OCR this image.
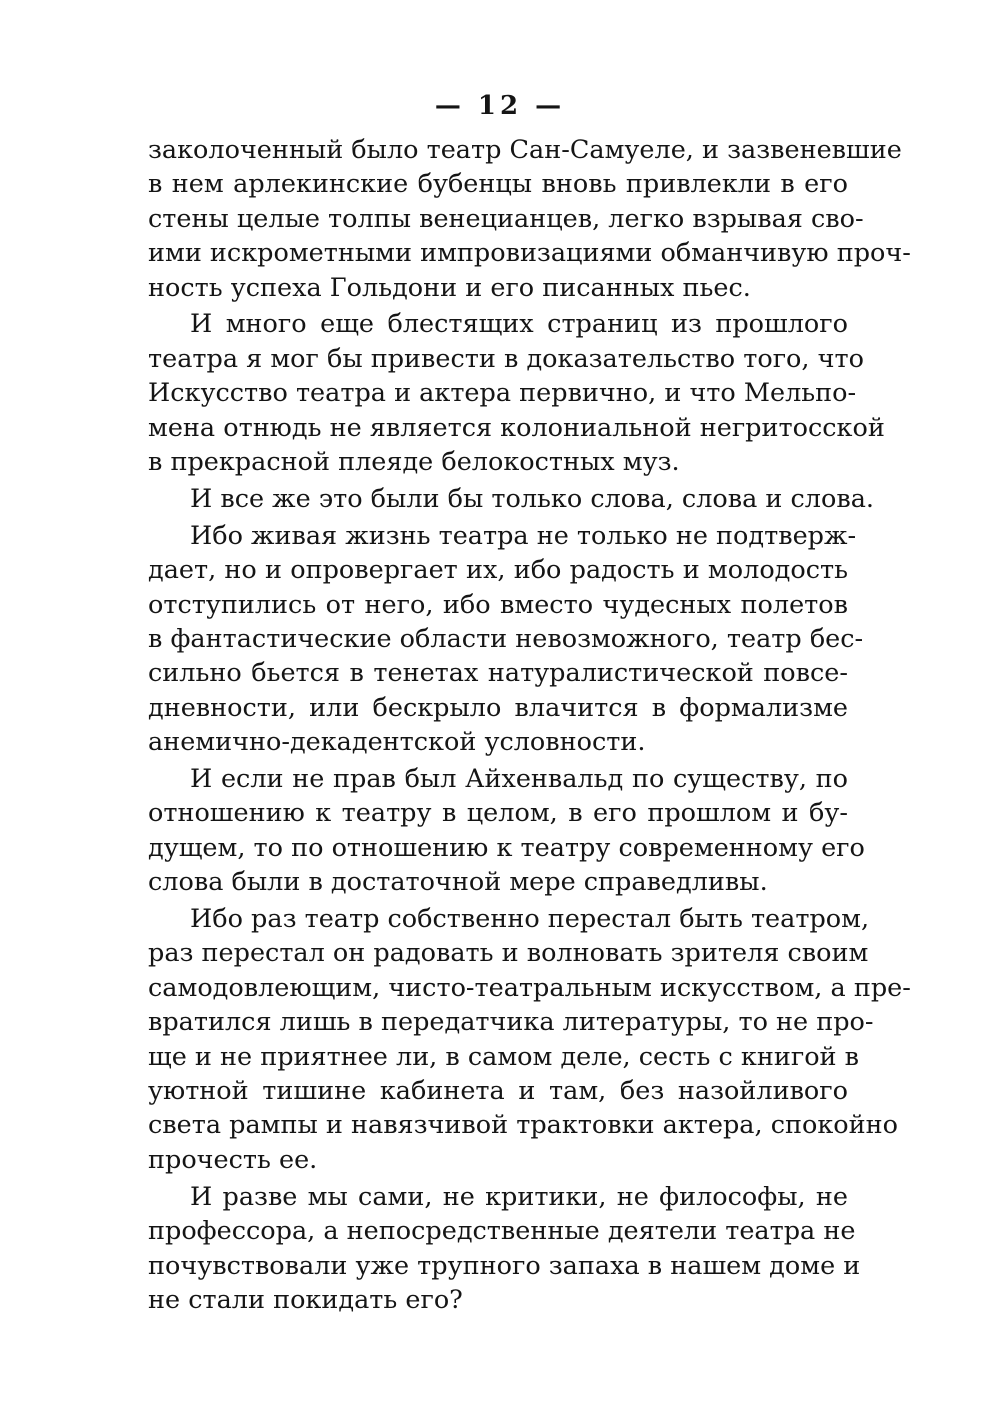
— 12 —
заколоченный было театр Сан-Самуеле, и зазвеневшие
в нем арлекинские бубенцы вновь привлекли в его
стены целые толпы венецианцев, легко взрывая сво-
ими искрометными импровизациями обманчивую проч-
ность успеха Гольдони и его писанных пьес.
И много еще блестящих страниц из прошлого
театра я мог бы привести в доказательство того, что
Искусство театра и актера первично, и что Мельпо-
мена отнюдь не является колониальной негритосской
в прекрасной плеяде белокостных муз.
И все же это были бы только слова, слова и слова.
Ибо живая жизнь театра не только не подтверж-
дает, но и опровергает их, ибо радость и молодость
отступились от него, ибо вместо чудесных полетов
в фантастические области невозможного, театр бес-
сильно бьется в тенетах натуралистической повсе-
дневности, или бескрыло влачится в формализме
анемично-декадентской условности.
И если не прав был Айхенвальд по существу, по
отношению к театру в целом, в его прошлом и бу-
дущем, то по отношению к театру современному его
слова были в достаточной мере справедливы.
Ибо раз театр собственно перестал быть театром,
раз перестал он радовать и волновать зрителя своим
самодовлеющим, чисто-театральным искусством, а пре-
вратился лишь в передатчика литературы, то не про-
ще и не приятнее ли, в самом деле, сесть с книгой в
уютной тишине кабинета и там, без назойливого
света рампы и навязчивой трактовки актера, спокойно
прочесть ее.
И разве мы сами, не критики, не философы, не
профессора, а непосредственные деятели театра не
почувствовали уже трупного запаха в нашем доме и
не стали покидать его?
